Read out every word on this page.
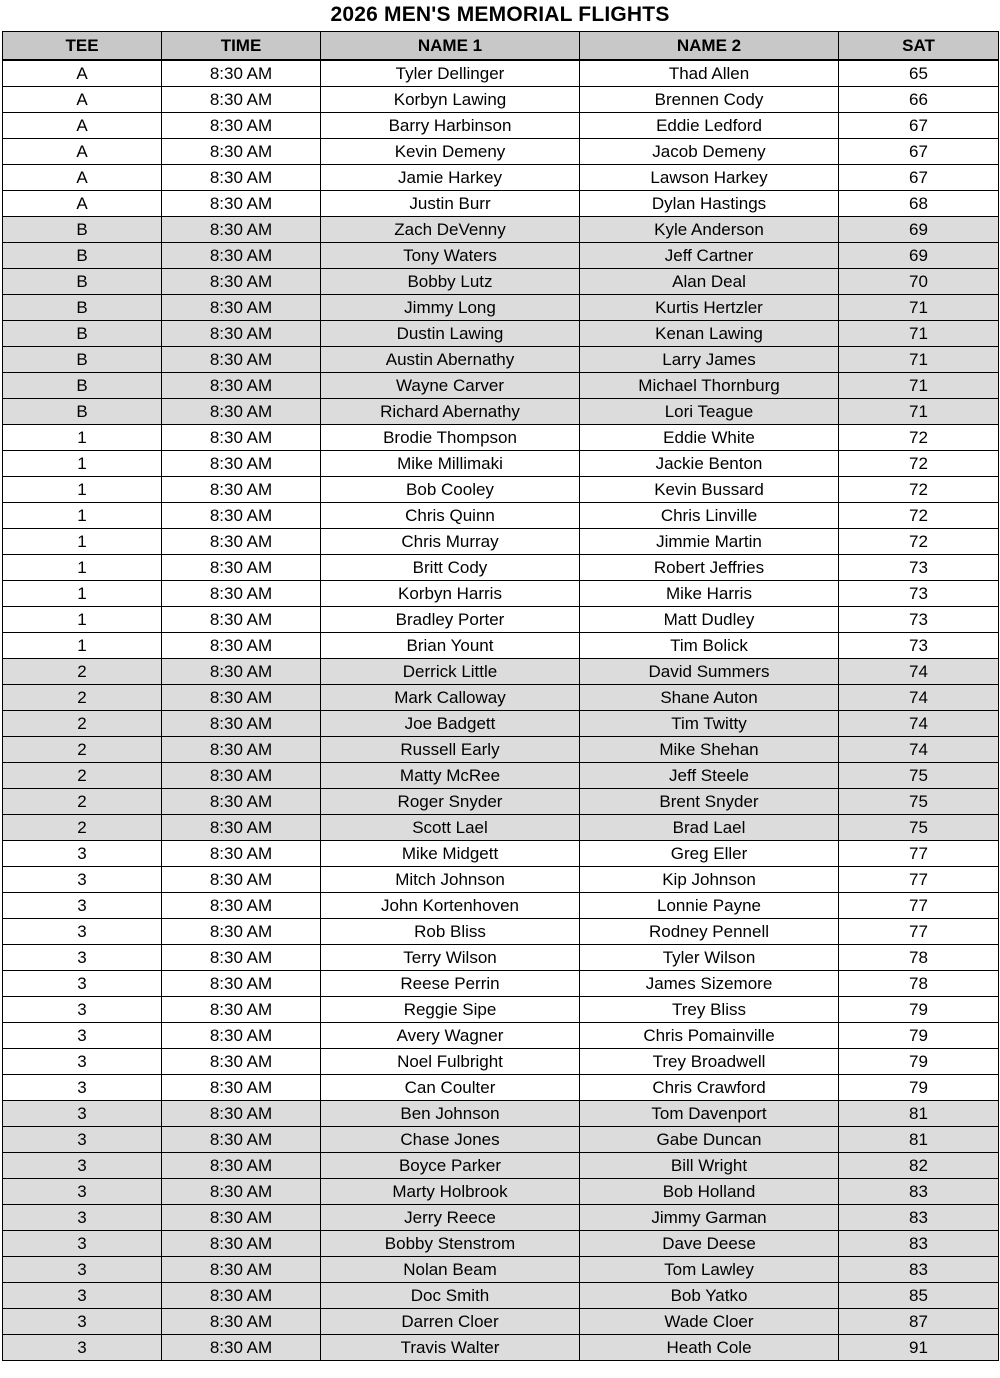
2026 MEN'S MEMORIAL FLIGHTS
TEE	TIME	NAME 1	NAME 2	SAT
A	8:30 AM	Tyler Dellinger	Thad Allen	65
A	8:30 AM	Korbyn Lawing	Brennen Cody	66
A	8:30 AM	Barry Harbinson	Eddie Ledford	67
A	8:30 AM	Kevin Demeny	Jacob Demeny	67
A	8:30 AM	Jamie Harkey	Lawson Harkey	67
A	8:30 AM	Justin Burr	Dylan Hastings	68
B	8:30 AM	Zach DeVenny	Kyle Anderson	69
B	8:30 AM	Tony Waters	Jeff Cartner	69
B	8:30 AM	Bobby Lutz	Alan Deal	70
B	8:30 AM	Jimmy Long	Kurtis Hertzler	71
B	8:30 AM	Dustin Lawing	Kenan Lawing	71
B	8:30 AM	Austin Abernathy	Larry James	71
B	8:30 AM	Wayne Carver	Michael Thornburg	71
B	8:30 AM	Richard Abernathy	Lori Teague	71
1	8:30 AM	Brodie Thompson	Eddie White	72
1	8:30 AM	Mike Millimaki	Jackie Benton	72
1	8:30 AM	Bob Cooley	Kevin Bussard	72
1	8:30 AM	Chris Quinn	Chris Linville	72
1	8:30 AM	Chris Murray	Jimmie Martin	72
1	8:30 AM	Britt Cody	Robert Jeffries	73
1	8:30 AM	Korbyn Harris	Mike Harris	73
1	8:30 AM	Bradley Porter	Matt Dudley	73
1	8:30 AM	Brian Yount	Tim Bolick	73
2	8:30 AM	Derrick Little	David Summers	74
2	8:30 AM	Mark Calloway	Shane Auton	74
2	8:30 AM	Joe Badgett	Tim Twitty	74
2	8:30 AM	Russell Early	Mike Shehan	74
2	8:30 AM	Matty McRee	Jeff Steele	75
2	8:30 AM	Roger Snyder	Brent Snyder	75
2	8:30 AM	Scott Lael	Brad Lael	75
3	8:30 AM	Mike Midgett	Greg Eller	77
3	8:30 AM	Mitch Johnson	Kip Johnson	77
3	8:30 AM	John Kortenhoven	Lonnie Payne	77
3	8:30 AM	Rob Bliss	Rodney Pennell	77
3	8:30 AM	Terry Wilson	Tyler Wilson	78
3	8:30 AM	Reese Perrin	James Sizemore	78
3	8:30 AM	Reggie Sipe	Trey Bliss	79
3	8:30 AM	Avery Wagner	Chris Pomainville	79
3	8:30 AM	Noel Fulbright	Trey Broadwell	79
3	8:30 AM	Can Coulter	Chris Crawford	79
3	8:30 AM	Ben Johnson	Tom Davenport	81
3	8:30 AM	Chase Jones	Gabe Duncan	81
3	8:30 AM	Boyce Parker	Bill Wright	82
3	8:30 AM	Marty Holbrook	Bob Holland	83
3	8:30 AM	Jerry Reece	Jimmy Garman	83
3	8:30 AM	Bobby Stenstrom	Dave Deese	83
3	8:30 AM	Nolan Beam	Tom Lawley	83
3	8:30 AM	Doc Smith	Bob Yatko	85
3	8:30 AM	Darren Cloer	Wade Cloer	87
3	8:30 AM	Travis Walter	Heath Cole	91
